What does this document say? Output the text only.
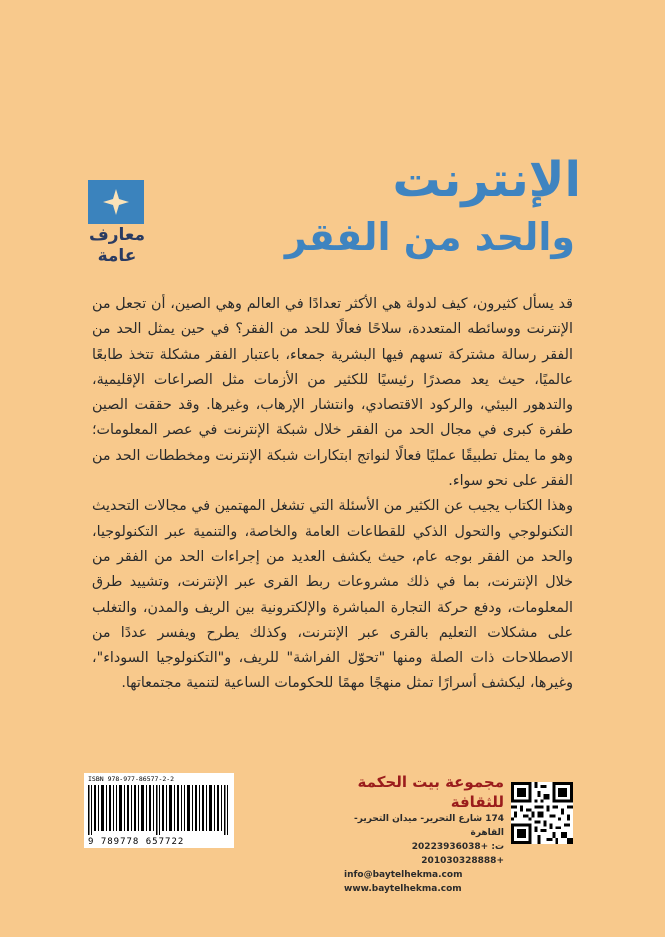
معارف
عامة
الإنترنت
والحد من الفقر

قد يسأل كثيرون، كيف لدولة هي الأكثر تعدادًا في العالم وهي الصين، أن تجعل من الإنترنت ووسائطه المتعددة، سلاحًا فعالًا للحد من الفقر؟ في حين يمثل الحد من الفقر رسالة مشتركة تسهم فيها البشرية جمعاء، باعتبار الفقر مشكلة تتخذ طابعًا عالميًا، حيث يعد مصدرًا رئيسيًا للكثير من الأزمات مثل الصراعات الإقليمية، والتدهور البيئي، والركود الاقتصادي، وانتشار الإرهاب، وغيرها. وقد حققت الصين طفرة كبرى في مجال الحد من الفقر خلال شبكة الإنترنت في عصر المعلومات؛ وهو ما يمثل تطبيقًا عمليًا فعالًا لنواتج ابتكارات شبكة الإنترنت ومخططات الحد من الفقر على نحو سواء.

وهذا الكتاب يجيب عن الكثير من الأسئلة التي تشغل المهتمين في مجالات التحديث التكنولوجي والتحول الذكي للقطاعات العامة والخاصة، والتنمية عبر التكنولوجيا، والحد من الفقر بوجه عام، حيث يكشف العديد من إجراءات الحد من الفقر من خلال الإنترنت، بما في ذلك مشروعات ربط القرى عبر الإنترنت، وتشييد طرق المعلومات، ودفع حركة التجارة المباشرة والإلكترونية بين الريف والمدن، والتغلب على مشكلات التعليم بالقرى عبر الإنترنت، وكذلك يطرح ويفسر عددًا من الاصطلاحات ذات الصلة ومنها "تحوّل الفراشة" للريف، و"التكنولوجيا السوداء"، وغيرها، ليكشف أسرارًا تمثل منهجًا مهمًا للحكومات الساعية لتنمية مجتمعاتها.

ISBN 978-977-86577-2-2
9 789778 657722
مجموعة بيت الحكمة للثقافة
174 شارع التحرير- ميدان التحرير- القاهرة
ت: +20223936038 +201030328888
info@baytelhekma.com
www.baytelhekma.com
